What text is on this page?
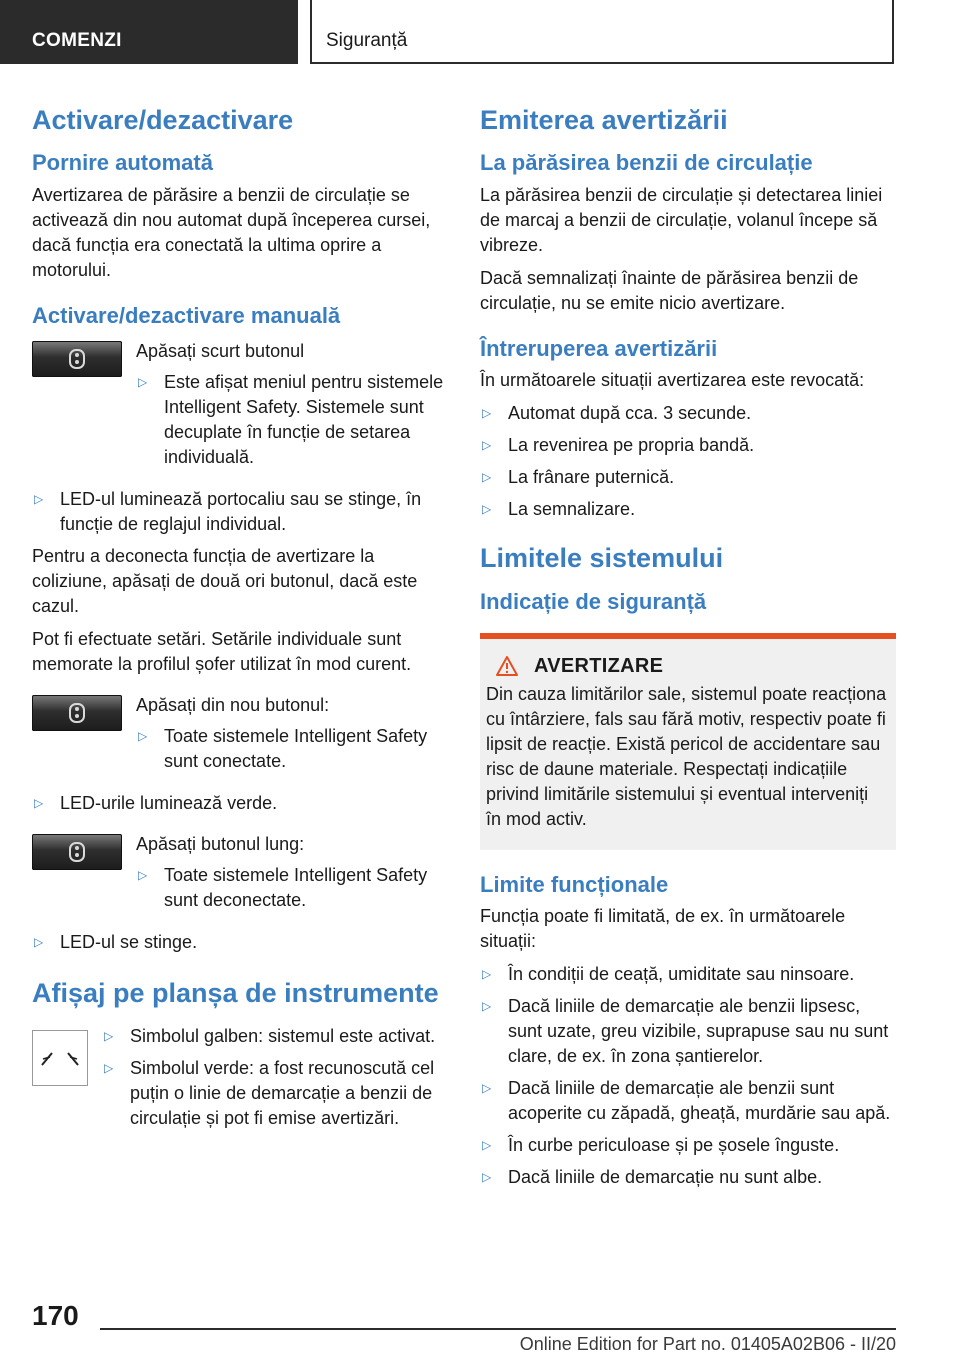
COMENZI	Siguranță
Activare/dezactivare
Pornire automată

Avertizarea de părăsire a benzii de circulație se activează din nou automat după începerea cursei, dacă funcția era conectată la ultima oprire a motorului.

Activare/dezactivare manuală

Apăsați scurt butonul

▷ Este afișat meniul pentru sistemele Intelligent Safety. Sistemele sunt decuplate în funcție de setarea individuală.
▷ LED-ul luminează portocaliu sau se stinge, în funcție de reglajul individual.

Pentru a deconecta funcția de avertizare la coliziune, apăsați de două ori butonul, dacă este cazul.

Pot fi efectuate setări. Setările individuale sunt memorate la profilul șofer utilizat în mod curent.

Apăsați din nou butonul:

▷ Toate sistemele Intelligent Safety sunt conectate.
▷ LED-urile luminează verde.

Apăsați butonul lung:

▷ Toate sistemele Intelligent Safety sunt deconectate.
▷ LED-ul se stinge.
Afișaj pe planșa de instrumente
▷ Simbolul galben: sistemul este activat.
▷ Simbolul verde: a fost recunoscută cel puțin o linie de demarcație a benzii de circulație și pot fi emise avertizări.
Emiterea avertizării
La părăsirea benzii de circulație

La părăsirea benzii de circulație și detectarea liniei de marcaj a benzii de circulație, volanul începe să vibreze.

Dacă semnalizați înainte de părăsirea benzii de circulație, nu se emite nicio avertizare.

Întreruperea avertizării

În următoarele situații avertizarea este revocată:

▷ Automat după cca. 3 secunde.
▷ La revenirea pe propria bandă.
▷ La frânare puternică.
▷ La semnalizare.
Limitele sistemului
Indicație de siguranță
AVERTIZARE

Din cauza limitărilor sale, sistemul poate reacționa cu întârziere, fals sau fără motiv, respectiv poate fi lipsit de reacție. Există pericol de accidentare sau risc de daune materiale. Respectați indicațiile privind limitările sistemului și eventual interveniți în mod activ.

Limite funcționale

Funcția poate fi limitată, de ex. în următoarele situații:

▷ În condiții de ceață, umiditate sau ninsoare.
▷ Dacă liniile de demarcație ale benzii lipsesc, sunt uzate, greu vizibile, suprapuse sau nu sunt clare, de ex. în zona șantierelor.
▷ Dacă liniile de demarcație ale benzii sunt acoperite cu zăpadă, gheață, murdărie sau apă.
▷ În curbe periculoase și pe șosele înguste.
▷ Dacă liniile de demarcație nu sunt albe.
170
Online Edition for Part no. 01405A02B06 - II/20
